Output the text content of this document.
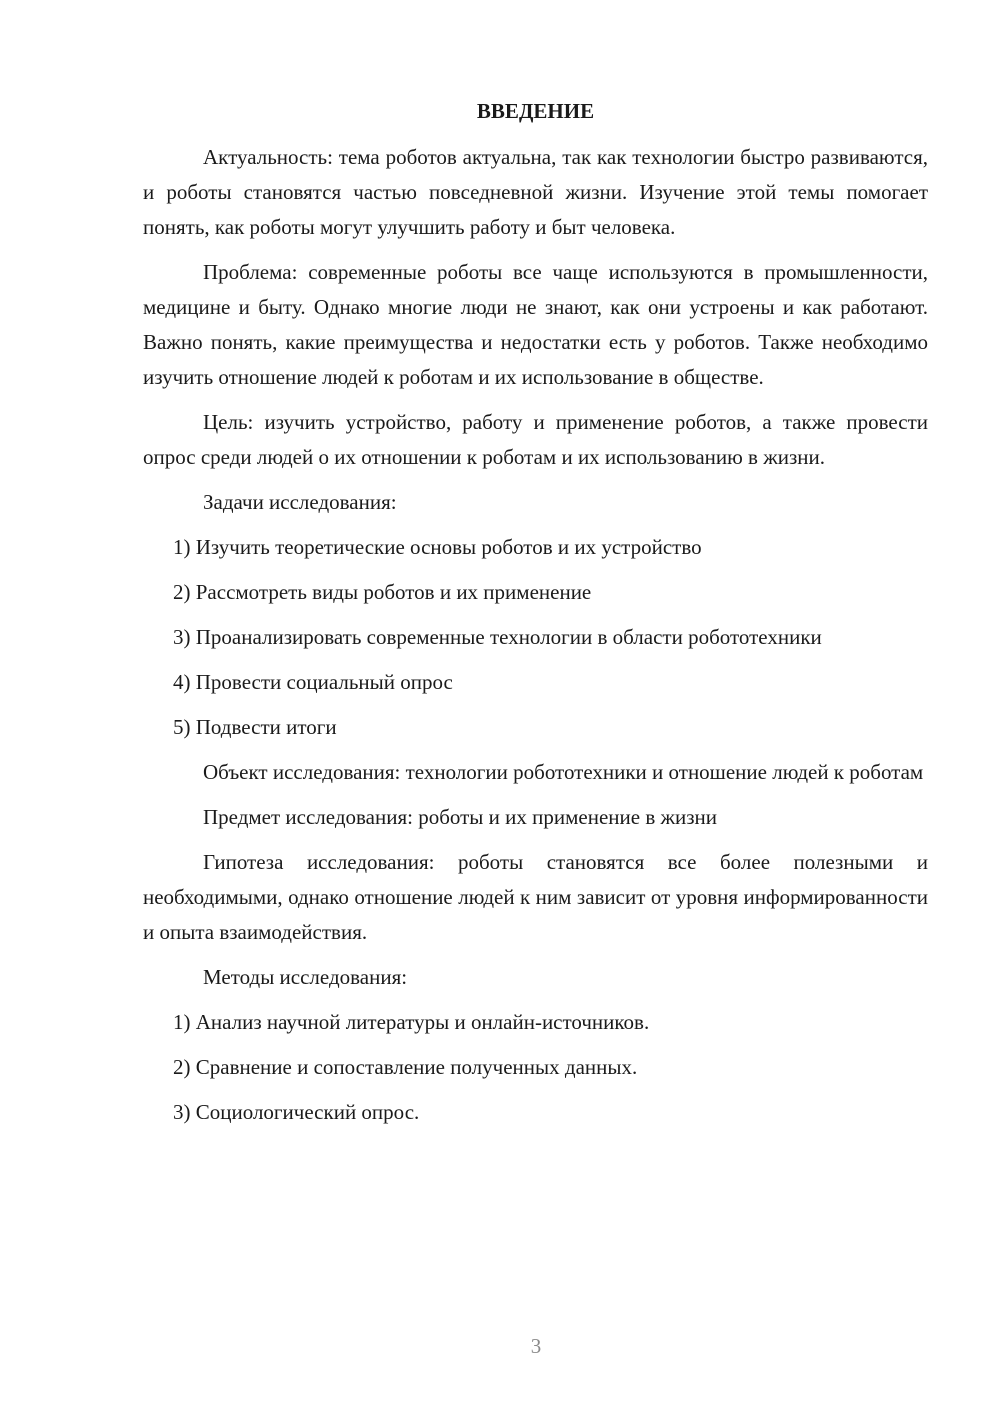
ВВЕДЕНИЕ

Актуальность: тема роботов актуальна, так как технологии быстро развиваются, и роботы становятся частью повседневной жизни. Изучение этой темы помогает понять, как роботы могут улучшить работу и быт человека.

Проблема: современные роботы все чаще используются в промышленности, медицине и быту. Однако многие люди не знают, как они устроены и как работают. Важно понять, какие преимущества и недостатки есть у роботов. Также необходимо изучить отношение людей к роботам и их использование в обществе.

Цель: изучить устройство, работу и применение роботов, а также провести опрос среди людей о их отношении к роботам и их использованию в жизни.

Задачи исследования:

1) Изучить теоретические основы роботов и их устройство

2) Рассмотреть виды роботов и их применение

3) Проанализировать современные технологии в области робототехники

4) Провести социальный опрос

5) Подвести итоги

Объект исследования: технологии робототехники и отношение людей к роботам

Предмет исследования: роботы и их применение в жизни

Гипотеза исследования: роботы становятся все более полезными и необходимыми, однако отношение людей к ним зависит от уровня информированности и опыта взаимодействия.

Методы исследования:

1) Анализ научной литературы и онлайн-источников.

2) Сравнение и сопоставление полученных данных.

3) Социологический опрос.

3
